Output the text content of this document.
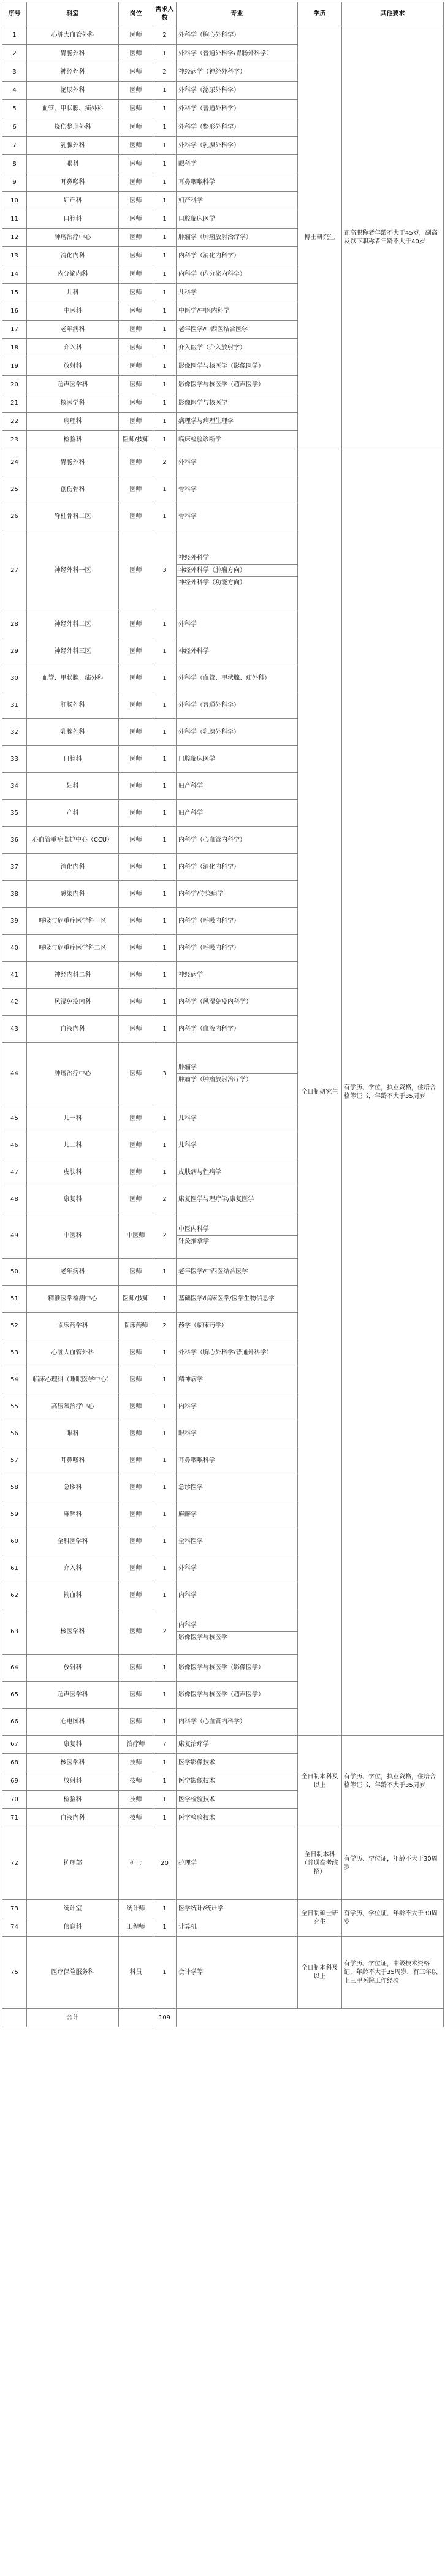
序号	科室	岗位	需求人数	专业	学历	其他要求
1	心脏大血管外科	医师	2	外科学（胸心外科学）	博士研究生	正高职称者年龄不大于45岁，副高及以下职称者年龄不大于40岁
2	胃肠外科	医师	1	外科学（普通外科学/胃肠外科学）		

3	神经外科	医师	2	神经病学（神经外科学）		

4	泌尿外科	医师	1	外科学（泌尿外科学）		

5	血管、甲状腺、疝外科	医师	1	外科学（普通外科学）		

6	烧伤整形外科	医师	1	外科学（整形外科学）		

7	乳腺外科	医师	1	外科学（乳腺外科学）		

8	眼科	医师	1	眼科学		

9	耳鼻喉科	医师	1	耳鼻咽喉科学		

10	妇产科	医师	1	妇产科学		

11	口腔科	医师	1	口腔临床医学		

12	肿瘤治疗中心	医师	1	肿瘤学（肿瘤放射治疗学）		

13	消化内科	医师	1	内科学（消化内科学）		

14	内分泌内科	医师	1	内科学（内分泌内科学）		

15	儿科	医师	1	儿科学		

16	中医科	医师	1	中医学/中医内科学		

17	老年病科	医师	1	老年医学/中西医结合医学		

18	介入科	医师	1	介入医学（介入放射学）		

19	放射科	医师	1	影像医学与核医学（影像医学）		

20	超声医学科	医师	1	影像医学与核医学（超声医学）		

21	核医学科	医师	1	影像医学与核医学		

22	病理科	医师	1	病理学与病理生理学		

23	检验科	医师/技师	1	临床检验诊断学		

24	胃肠外科	医师	2	外科学	全日制研究生	有学历、学位，执业资格，住培合格等证书，年龄不大于35周岁
25	创伤骨科	医师	1	骨科学		

26	脊柱骨科二区	医师	1	骨科学		

27	神经外科一区	医师	3	神经外科学
神经外科学（肿瘤方向）
神经外科学（功能方向）		

28	神经外科二区	医师	1	外科学		

29	神经外科三区	医师	1	神经外科学		

30	血管、甲状腺、疝外科	医师	1	外科学（血管、甲状腺、疝外科）		

31	肛肠外科	医师	1	外科学（普通外科学）		

32	乳腺外科	医师	1	外科学（乳腺外科学）		

33	口腔科	医师	1	口腔临床医学		

34	妇科	医师	1	妇产科学		

35	产科	医师	1	妇产科学		

36	心血管重症监护中心（CCU）	医师	1	内科学（心血管内科学）		

37	消化内科	医师	1	内科学（消化内科学）		

38	感染内科	医师	1	内科学/传染病学		

39	呼吸与危重症医学科一区	医师	1	内科学（呼吸内科学）		

40	呼吸与危重症医学科二区	医师	1	内科学（呼吸内科学）		

41	神经内科二科	医师	1	神经病学		

42	风湿免疫内科	医师	1	内科学（风湿免疫内科学）		

43	血液内科	医师	1	内科学（血液内科学）		

44	肿瘤治疗中心	医师	3	肿瘤学
肿瘤学（肿瘤放射治疗学）		

45	儿一科	医师	1	儿科学		

46	儿二科	医师	1	儿科学		

47	皮肤科	医师	1	皮肤病与性病学		

48	康复科	医师	2	康复医学与理疗学/康复医学		

49	中医科	中医师	2	中医内科学
针灸推拿学		

50	老年病科	医师	1	老年医学/中西医结合医学		

51	精准医学检测中心	医师/技师	1	基础医学/临床医学/医学生物信息学		

52	临床药学科	临床药师	2	药学（临床药学）		

53	心脏大血管外科	医师	1	外科学（胸心外科学/普通外科学）		

54	临床心理科（睡眠医学中心）	医师	1	精神病学		

55	高压氧治疗中心	医师	1	内科学		

56	眼科	医师	1	眼科学		

57	耳鼻喉科	医师	1	耳鼻咽喉科学		

58	急诊科	医师	1	急诊医学		

59	麻醉科	医师	1	麻醉学		

60	全科医学科	医师	1	全科医学		

61	介入科	医师	1	外科学		

62	输血科	医师	1	内科学		

63	核医学科	医师	2	内科学
影像医学与核医学		

64	放射科	医师	1	影像医学与核医学（影像医学）		

65	超声医学科	医师	1	影像医学与核医学（超声医学）		

66	心电图科	医师	1	内科学（心血管内科学）		

67	康复科	治疗师	7	康复治疗学	全日制本科及以上	有学历、学位，执业资格，住培合格等证书，年龄不大于35周岁
68	核医学科	技师	1	医学影像技术		

69	放射科	技师	1	医学影像技术		

70	检验科	技师	1	医学检验技术		

71	血液内科	技师	1	医学检验技术		

72	护理部	护士	20	护理学	全日制本科（普通高考统招）	有学历、学位证，年龄不大于30周岁
73	统计室	统计师	1	医学统计/统计学	全日制硕士研究生	有学历、学位证，年龄不大于30周岁
74	信息科	工程师	1	计算机		

75	医疗保险服务科	科员	1	会计学等	全日制本科及以上	有学历、学位证，中级技术资格证，年龄不大于35周岁，有三年以上三甲医院工作经验
	合计		109			
